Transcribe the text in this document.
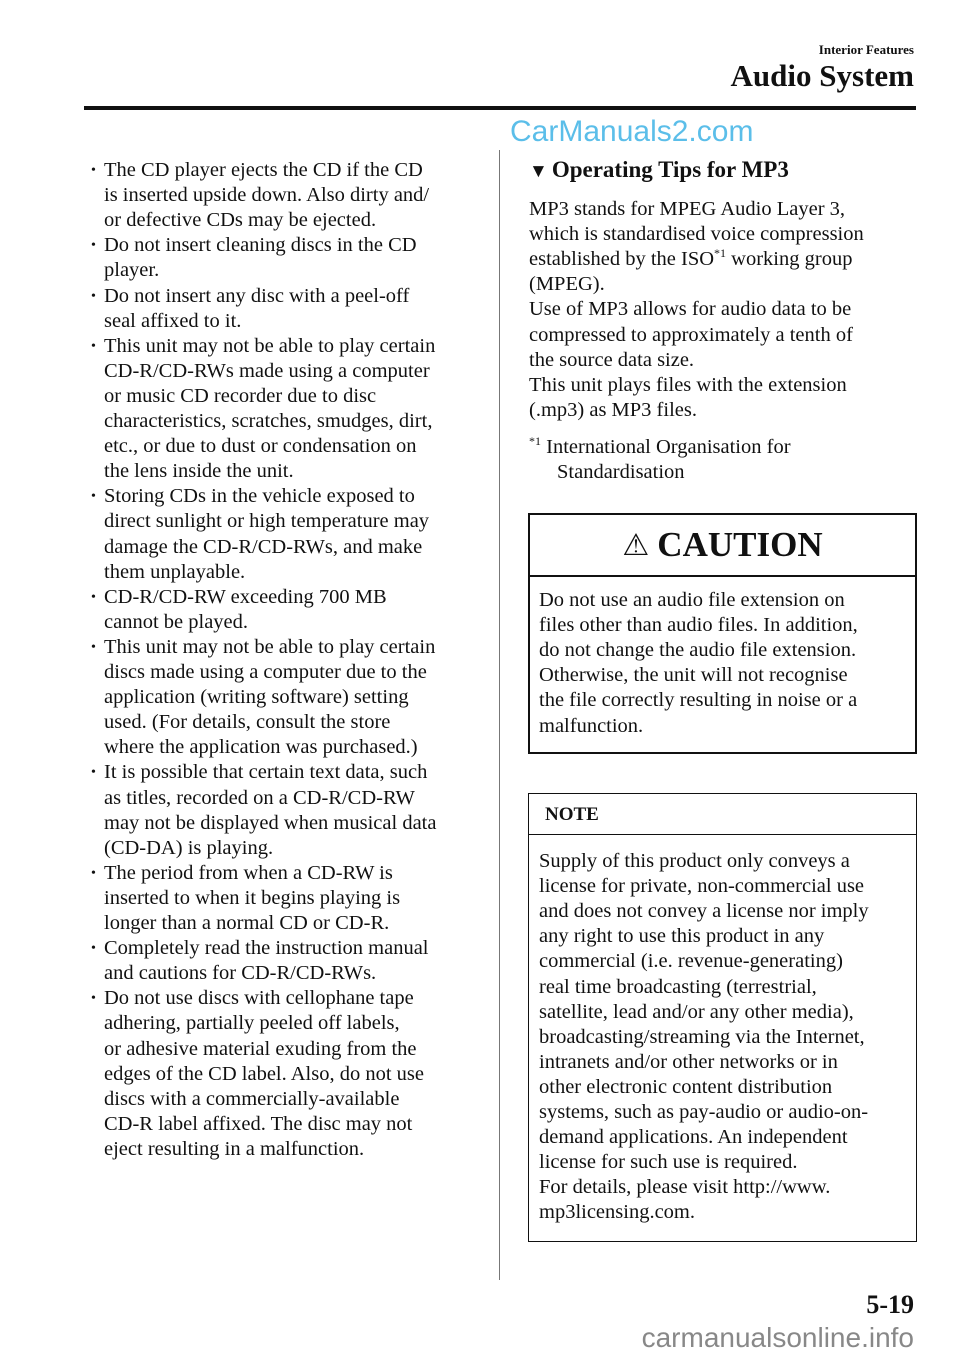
Interior Features
Audio System
▼ Operating Tips for MP3
⚠ CAUTION
NOTE
CarManuals2.com
5-19
carmanualsonline.info
• The CD player ejects the CD if the CD
is inserted upside down. Also dirty and/
or defective CDs may be ejected.
• Do not insert cleaning discs in the CD
player.
• Do not insert any disc with a peel-off
seal affixed to it.
• This unit may not be able to play certain
CD-R/CD-RWs made using a computer
or music CD recorder due to disc
characteristics, scratches, smudges, dirt,
etc., or due to dust or condensation on
the lens inside the unit.
• Storing CDs in the vehicle exposed to
direct sunlight or high temperature may
damage the CD-R/CD-RWs, and make
them unplayable.
• CD-R/CD-RW exceeding 700 MB
cannot be played.
• This unit may not be able to play certain
discs made using a computer due to the
application (writing software) setting
used. (For details, consult the store
where the application was purchased.)
• It is possible that certain text data, such
as titles, recorded on a CD-R/CD-RW
may not be displayed when musical data
(CD-DA) is playing.
• The period from when a CD-RW is
inserted to when it begins playing is
longer than a normal CD or CD-R.
• Completely read the instruction manual
and cautions for CD-R/CD-RWs.
• Do not use discs with cellophane tape
adhering, partially peeled off labels,
or adhesive material exuding from the
edges of the CD label. Also, do not use
discs with a commercially-available
CD-R label affixed. The disc may not
eject resulting in a malfunction.
MP3 stands for MPEG Audio Layer 3,
which is standardised voice compression
established by the ISO$^{*1}$ working group
(MPEG).
Use of MP3 allows for audio data to be
compressed to approximately a tenth of
the source data size.
This unit plays files with the extension
(.mp3) as MP3 files.
$^{*1}$ International Organisation for
Standardisation
Do not use an audio file extension on
files other than audio files. In addition,
do not change the audio file extension.
Otherwise, the unit will not recognise
the file correctly resulting in noise or a
malfunction.
Supply of this product only conveys a
license for private, non-commercial use
and does not convey a license nor imply
any right to use this product in any
commercial (i.e. revenue-generating)
real time broadcasting (terrestrial,
satellite, lead and/or any other media),
broadcasting/streaming via the Internet,
intranets and/or other networks or in
other electronic content distribution
systems, such as pay-audio or audio-on-
demand applications. An independent
license for such use is required.
For details, please visit http://www.
mp3licensing.com.
